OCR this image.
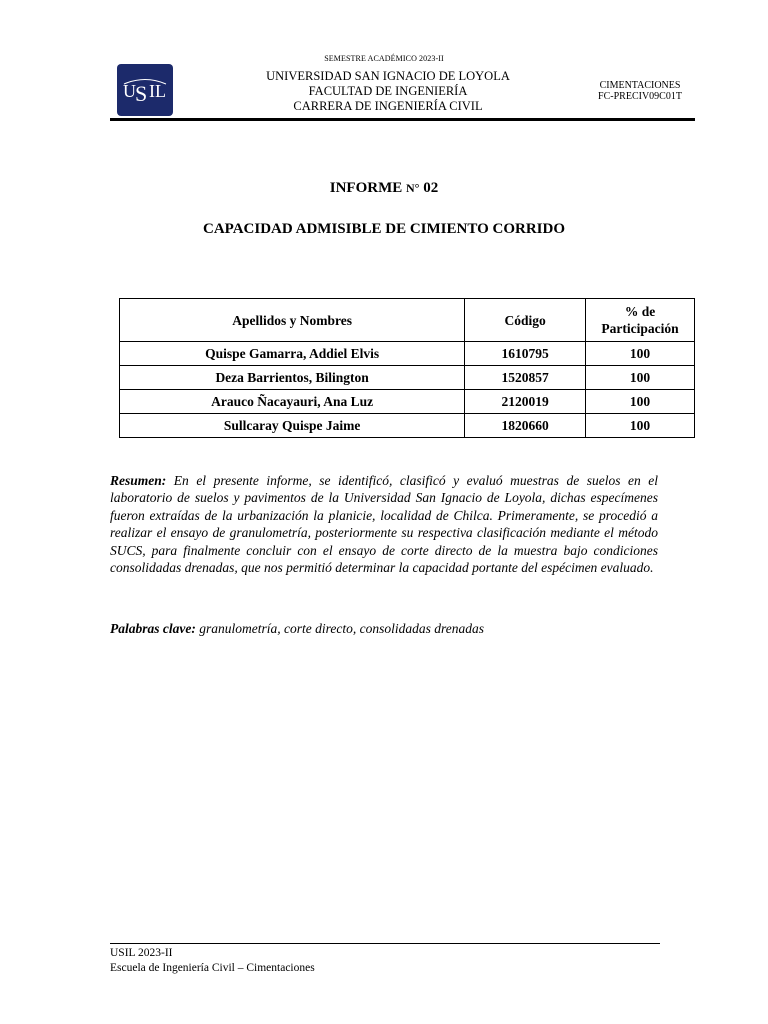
SEMESTRE ACADÉMICO 2023-II
U S IL
UNIVERSIDAD SAN IGNACIO DE LOYOLA
FACULTAD DE INGENIERÍA
CARRERA DE INGENIERÍA CIVIL
CIMENTACIONES
FC-PRECIV09C01T
INFORME N° 02
CAPACIDAD ADMISIBLE DE CIMIENTO CORRIDO
Apellidos y Nombres	Código	% de
Participación

Quispe Gamarra, Addiel Elvis	1610795	100
Deza Barrientos, Bilington	1520857	100
Arauco Ñacayauri, Ana Luz	2120019	100
Sullcaray Quispe Jaime	1820660	100

Resumen: En el presente informe, se identificó, clasificó y evaluó muestras de suelos en el laboratorio de suelos y pavimentos de la Universidad San Ignacio de Loyola, dichas especímenes fueron extraídas de la urbanización la planicie, localidad de Chilca. Primeramente, se procedió a realizar el ensayo de granulometría, posteriormente su respectiva clasificación mediante el método SUCS, para finalmente concluir con el ensayo de corte directo de la muestra bajo condiciones consolidadas drenadas, que nos permitió determinar la capacidad portante del espécimen evaluado.

Palabras clave: granulometría, corte directo, consolidadas drenadas

USIL 2023-II
Escuela de Ingeniería Civil – Cimentaciones
